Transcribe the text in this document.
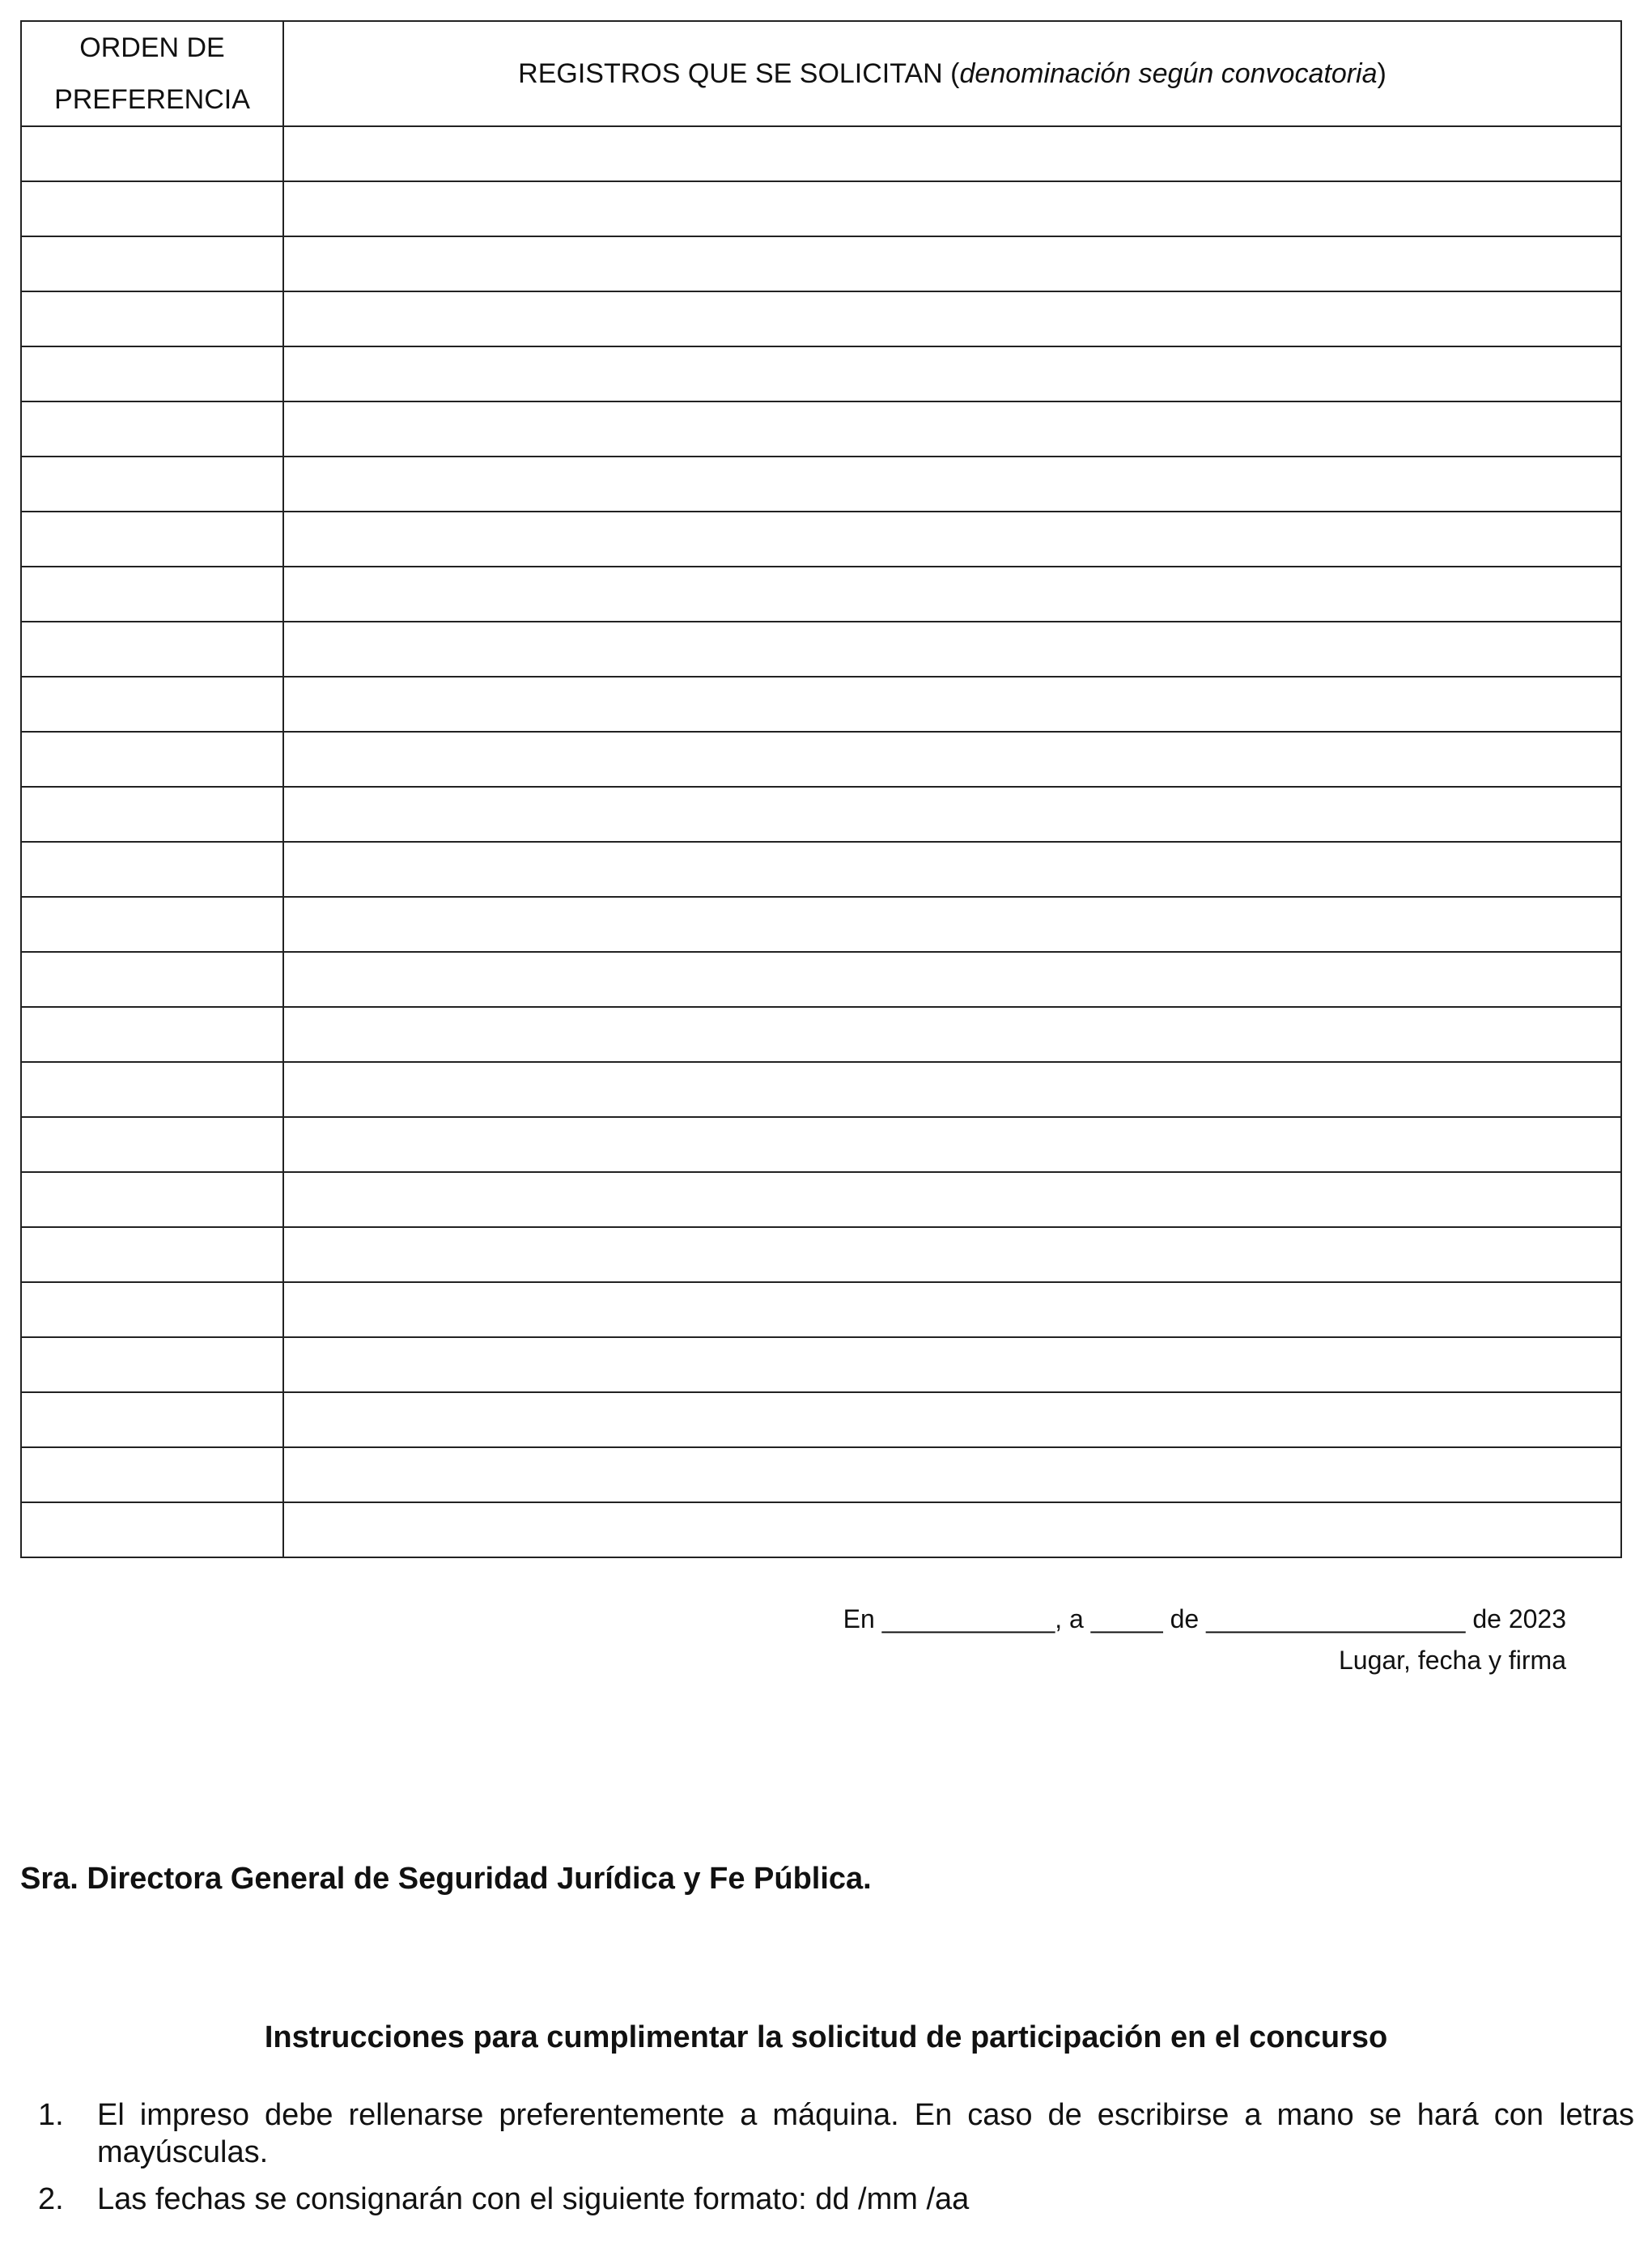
ORDEN DE
PREFERENCIA	REGISTROS QUE SE SOLICITAN (denominación según convocatoria)

En ____________, a _____ de __________________ de 2023
Lugar, fecha y firma
Sra. Directora General de Seguridad Jurídica y Fe Pública.
Instrucciones para cumplimentar la solicitud de participación en el concurso
1. El impreso debe rellenarse preferentemente a máquina. En caso de escribirse a mano se hará con letras mayúsculas.
2. Las fechas se consignarán con el siguiente formato: dd /mm /aa
